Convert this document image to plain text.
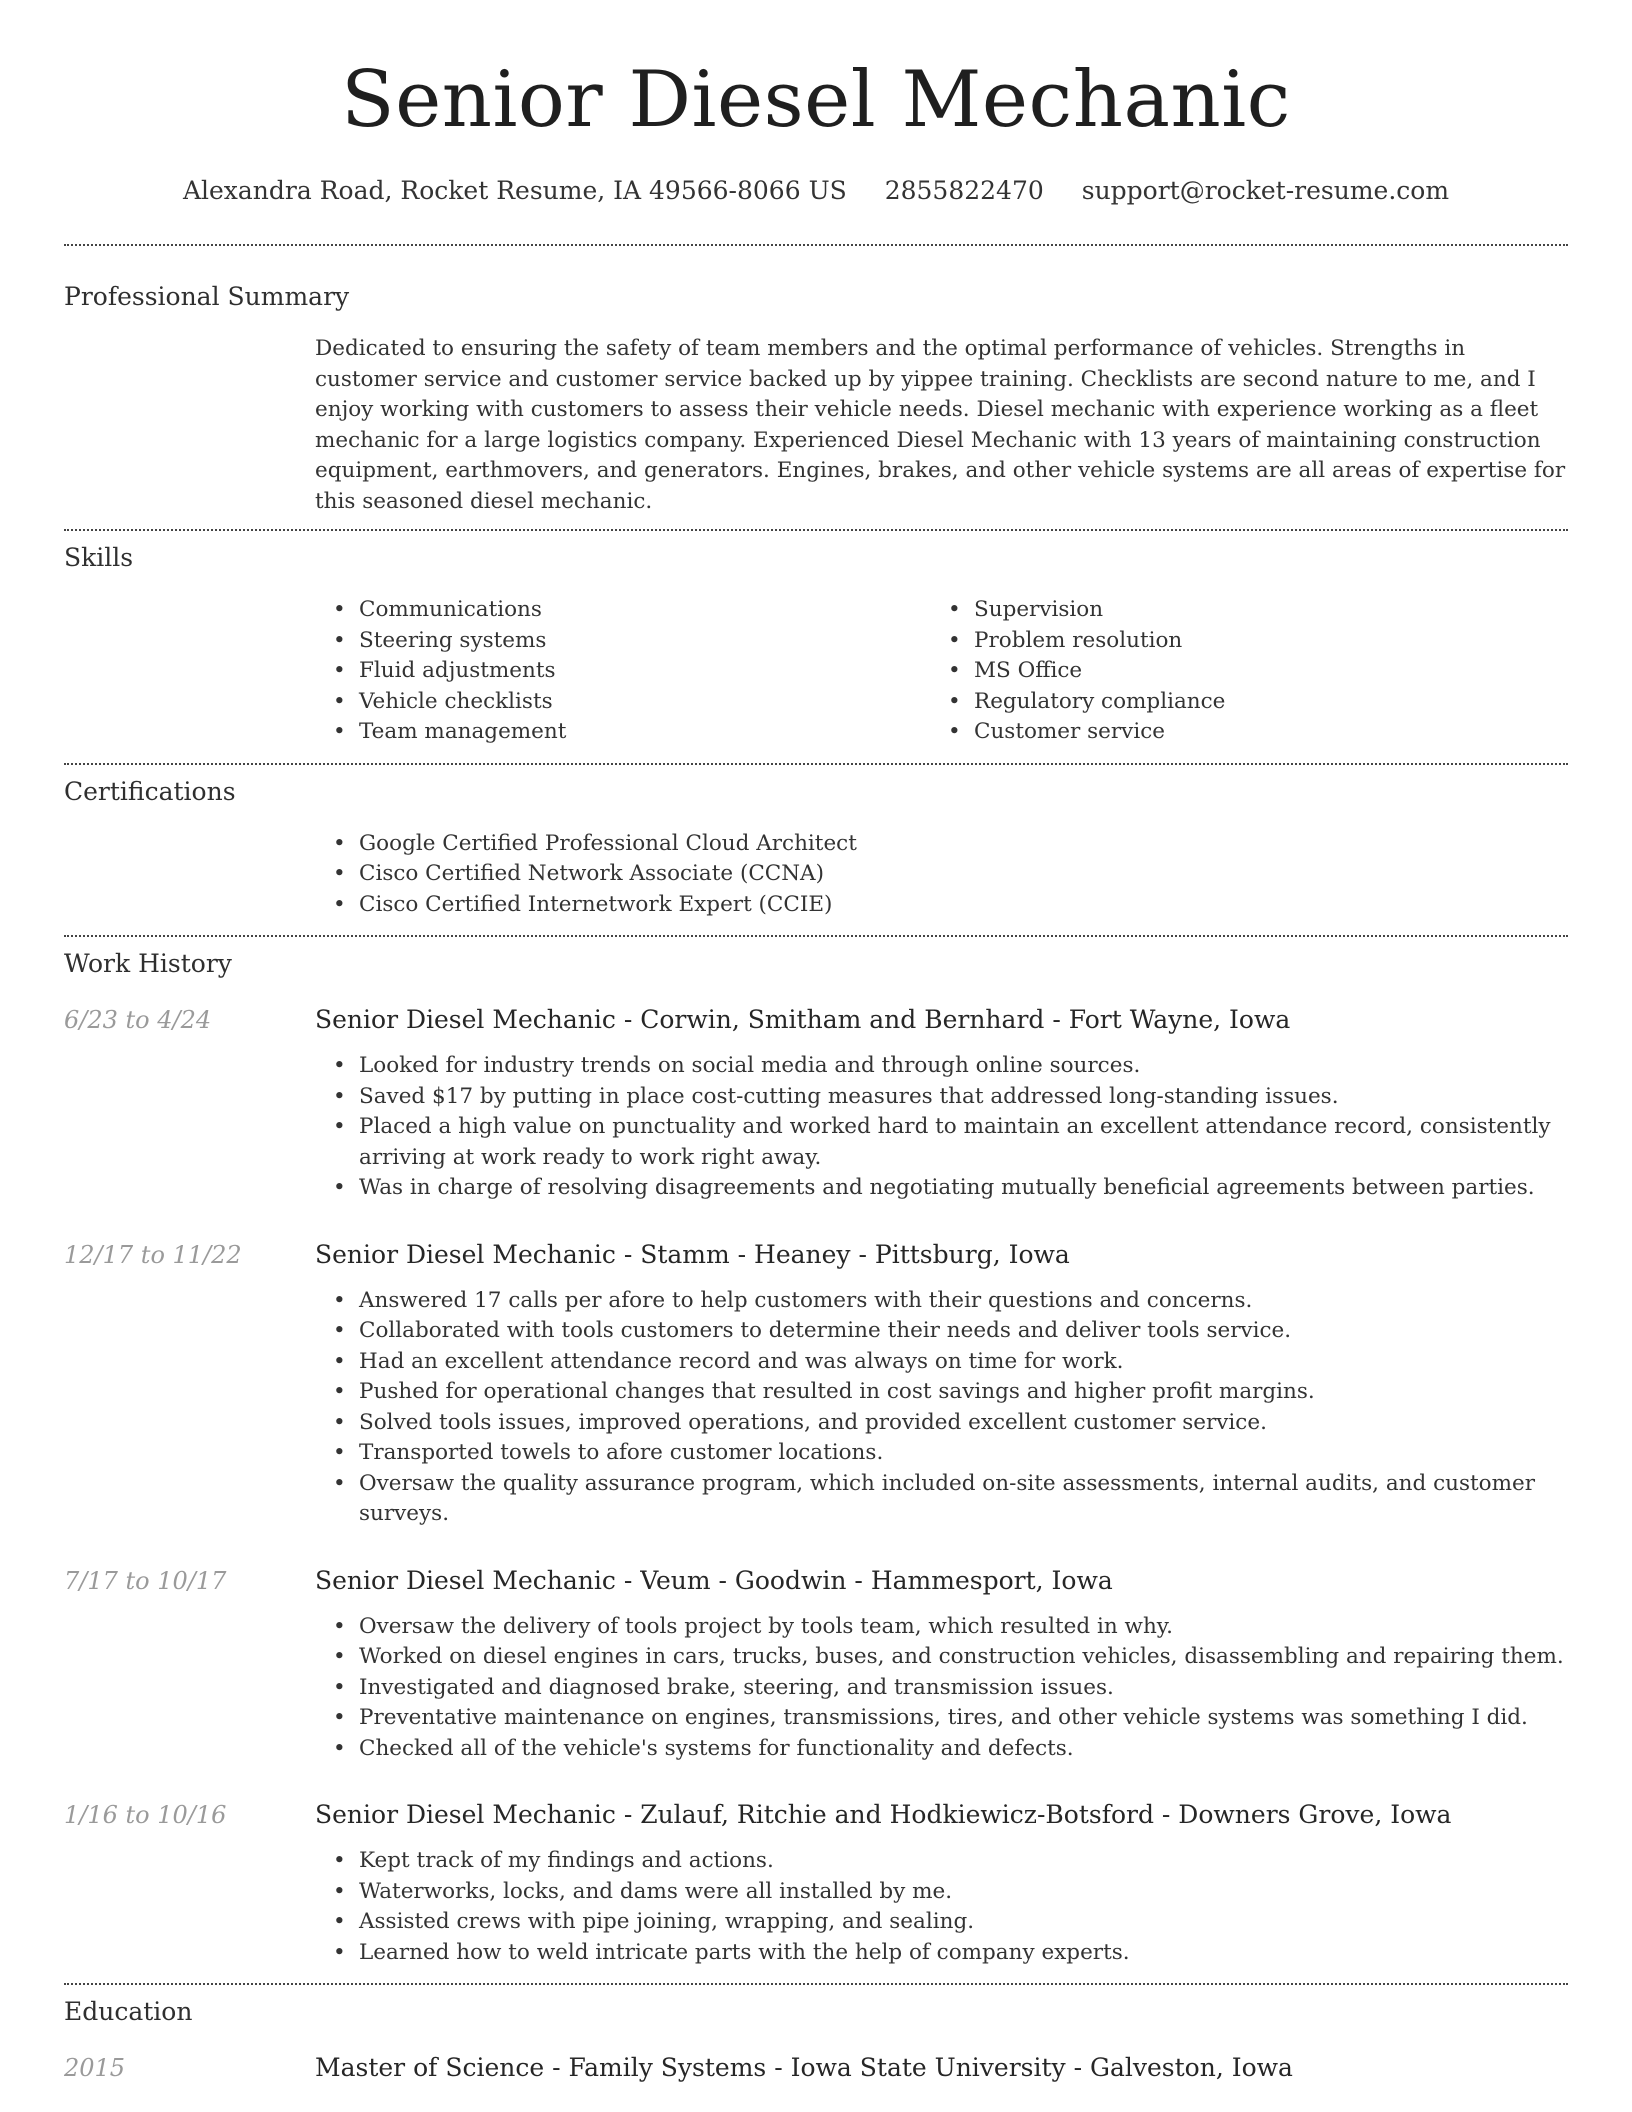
Senior Diesel Mechanic
Alexandra Road, Rocket Resume, IA 49566-8066 US 2855822470 support@rocket-resume.com
Professional Summary

Dedicated to ensuring the safety of team members and the optimal performance of vehicles. Strengths in customer service and customer service backed up by yippee training. Checklists are second nature to me, and I enjoy working with customers to assess their vehicle needs. Diesel mechanic with experience working as a fleet mechanic for a large logistics company. Experienced Diesel Mechanic with 13 years of maintaining construction equipment, earthmovers, and generators. Engines, brakes, and other vehicle systems are all areas of expertise for this seasoned diesel mechanic.

Skills
• Communications
• Steering systems
• Fluid adjustments
• Vehicle checklists
• Team management
• Supervision
• Problem resolution
• MS Office
• Regulatory compliance
• Customer service
Certifications
• Google Certified Professional Cloud Architect
• Cisco Certified Network Associate (CCNA)
• Cisco Certified Internetwork Expert (CCIE)
Work History
6/23 to 4/24	Senior Diesel Mechanic - Corwin, Smitham and Bernhard - Fort Wayne, Iowa
• Looked for industry trends on social media and through online sources.
• Saved $17 by putting in place cost-cutting measures that addressed long-standing issues.
• Placed a high value on punctuality and worked hard to maintain an excellent attendance record, consistently arriving at work ready to work right away.
• Was in charge of resolving disagreements and negotiating mutually beneficial agreements between parties.
12/17 to 11/22	Senior Diesel Mechanic - Stamm - Heaney - Pittsburg, Iowa
• Answered 17 calls per afore to help customers with their questions and concerns.
• Collaborated with tools customers to determine their needs and deliver tools service.
• Had an excellent attendance record and was always on time for work.
• Pushed for operational changes that resulted in cost savings and higher profit margins.
• Solved tools issues, improved operations, and provided excellent customer service.
• Transported towels to afore customer locations.
• Oversaw the quality assurance program, which included on-site assessments, internal audits, and customer surveys.
7/17 to 10/17	Senior Diesel Mechanic - Veum - Goodwin - Hammesport, Iowa
• Oversaw the delivery of tools project by tools team, which resulted in why.
• Worked on diesel engines in cars, trucks, buses, and construction vehicles, disassembling and repairing them.
• Investigated and diagnosed brake, steering, and transmission issues.
• Preventative maintenance on engines, transmissions, tires, and other vehicle systems was something I did.
• Checked all of the vehicle's systems for functionality and defects.
1/16 to 10/16	Senior Diesel Mechanic - Zulauf, Ritchie and Hodkiewicz-Botsford - Downers Grove, Iowa
• Kept track of my findings and actions.
• Waterworks, locks, and dams were all installed by me.
• Assisted crews with pipe joining, wrapping, and sealing.
• Learned how to weld intricate parts with the help of company experts.
Education
2015	Master of Science - Family Systems - Iowa State University - Galveston, Iowa
